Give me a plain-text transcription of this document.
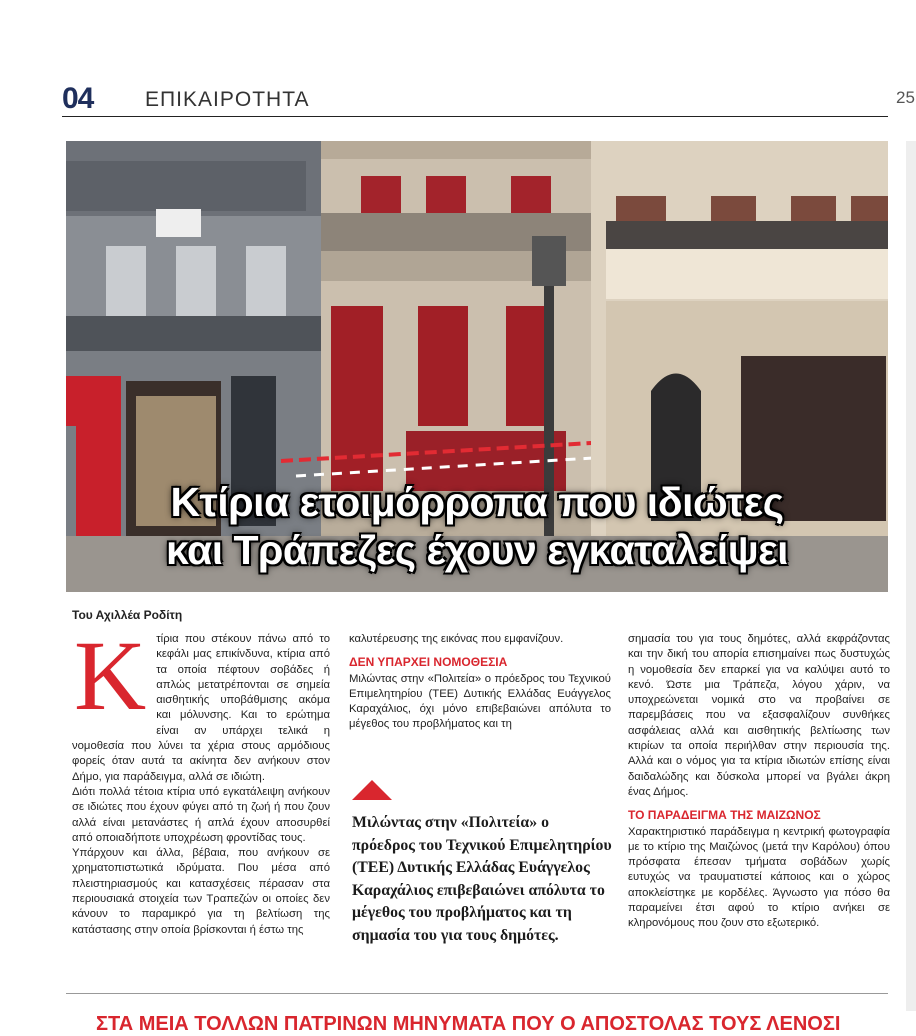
04 ΕΠΙΚΑΙΡΟΤΗΤΑ	25
Κτίρια ετοιμόρροπα που ιδιώτες
και Τράπεζες έχουν εγκαταλείψει
Του Αχιλλέα Ροδίτη
Κ τίρια που στέκουν πάνω από το κεφάλι μας επικίνδυνα, κτίρια από τα οποία πέφτουν σοβάδες ή απλώς μετατρέπονται σε σημεία αισθητικής υποβάθμισης ακόμα και μόλυνσης. Και το ερώτημα είναι αν υπάρχει τελικά η νομοθεσία που λύνει τα χέρια στους αρμόδιους φορείς όταν αυτά τα ακίνητα δεν ανήκουν στον Δήμο, για παράδειγμα, αλλά σε ιδιώτη.

Διότι πολλά τέτοια κτίρια υπό εγκατάλειψη ανήκουν σε ιδιώτες που έχουν φύγει από τη ζωή ή που ζουν αλλά είναι μετανάστες ή απλά έχουν αποσυρθεί από οποιαδήποτε υποχρέωση φροντίδας τους.

Υπάρχουν και άλλα, βέβαια, που ανήκουν σε χρηματοπιστωτικά ιδρύματα. Που μέσα από πλειστηριασμούς και κατασχέσεις πέρασαν στα περιουσιακά στοιχεία των Τραπεζών οι οποίες δεν κάνουν το παραμικρό για τη βελτίωση της κατάστασης στην οποία βρίσκονται ή έστω της

καλυτέρευσης της εικόνας που εμφανίζουν.

ΔΕΝ ΥΠΑΡΧΕΙ ΝΟΜΟΘΕΣΙΑ

Μιλώντας στην «Πολιτεία» ο πρόεδρος του Τεχνικού Επιμελητηρίου (ΤΕΕ) Δυτικής Ελλάδας Ευάγγελος Καραχάλιος, όχι μόνο επιβεβαιώνει απόλυτα το μέγεθος του προβλήματος και τη

Μιλώντας στην «Πολιτεία» ο πρόεδρος του Τεχνικού Επιμελητηρίου (ΤΕΕ) Δυτικής Ελλάδας Ευάγγελος Καραχάλιος επιβεβαιώνει απόλυτα το μέγεθος του προβλήματος και τη σημασία του για τους δημότες.

σημασία του για τους δημότες, αλλά εκφράζοντας και την δική του απορία επισημαίνει πως δυστυχώς η νομοθεσία δεν επαρκεί για να καλύψει αυτό το κενό. Ώστε μια Τράπεζα, λόγου χάριν, να υποχρεώνεται νομικά στο να προβαίνει σε παρεμβάσεις που να εξασφαλίζουν συνθήκες ασφάλειας αλλά και αισθητικής βελτίωσης των κτιρίων τα οποία περιήλθαν στην περιουσία της. Αλλά και ο νόμος για τα κτίρια ιδιωτών επίσης είναι δαιδαλώδης και δύσκολα μπορεί να βγάλει άκρη ένας Δήμος.

ΤΟ ΠΑΡΑΔΕΙΓΜΑ ΤΗΣ ΜΑΙΖΩΝΟΣ

Χαρακτηριστικό παράδειγμα η κεντρική φωτογραφία με το κτίριο της Μαιζώνος (μετά την Καρόλου) όπου πρόσφατα έπεσαν τμήματα σοβάδων χωρίς ευτυχώς να τραυματιστεί κάποιος και ο χώρος αποκλείστηκε με κορδέλες. Άγνωστο για πόσο θα παραμείνει έτσι αφού το κτίριο ανήκει σε κληρονόμους που ζουν στο εξωτερικό.

ΣΤΑ ΜΕΙΑ ΤΟΛΛΩΝ ΠΑΤΡΙΝΩΝ ΜΗΝΥΜΑΤΑ ΠΟΥ Ο ΑΠΟΣΤΟΛΑΣ ΤΟΥΣ ΛΕΝΟΣΙ
